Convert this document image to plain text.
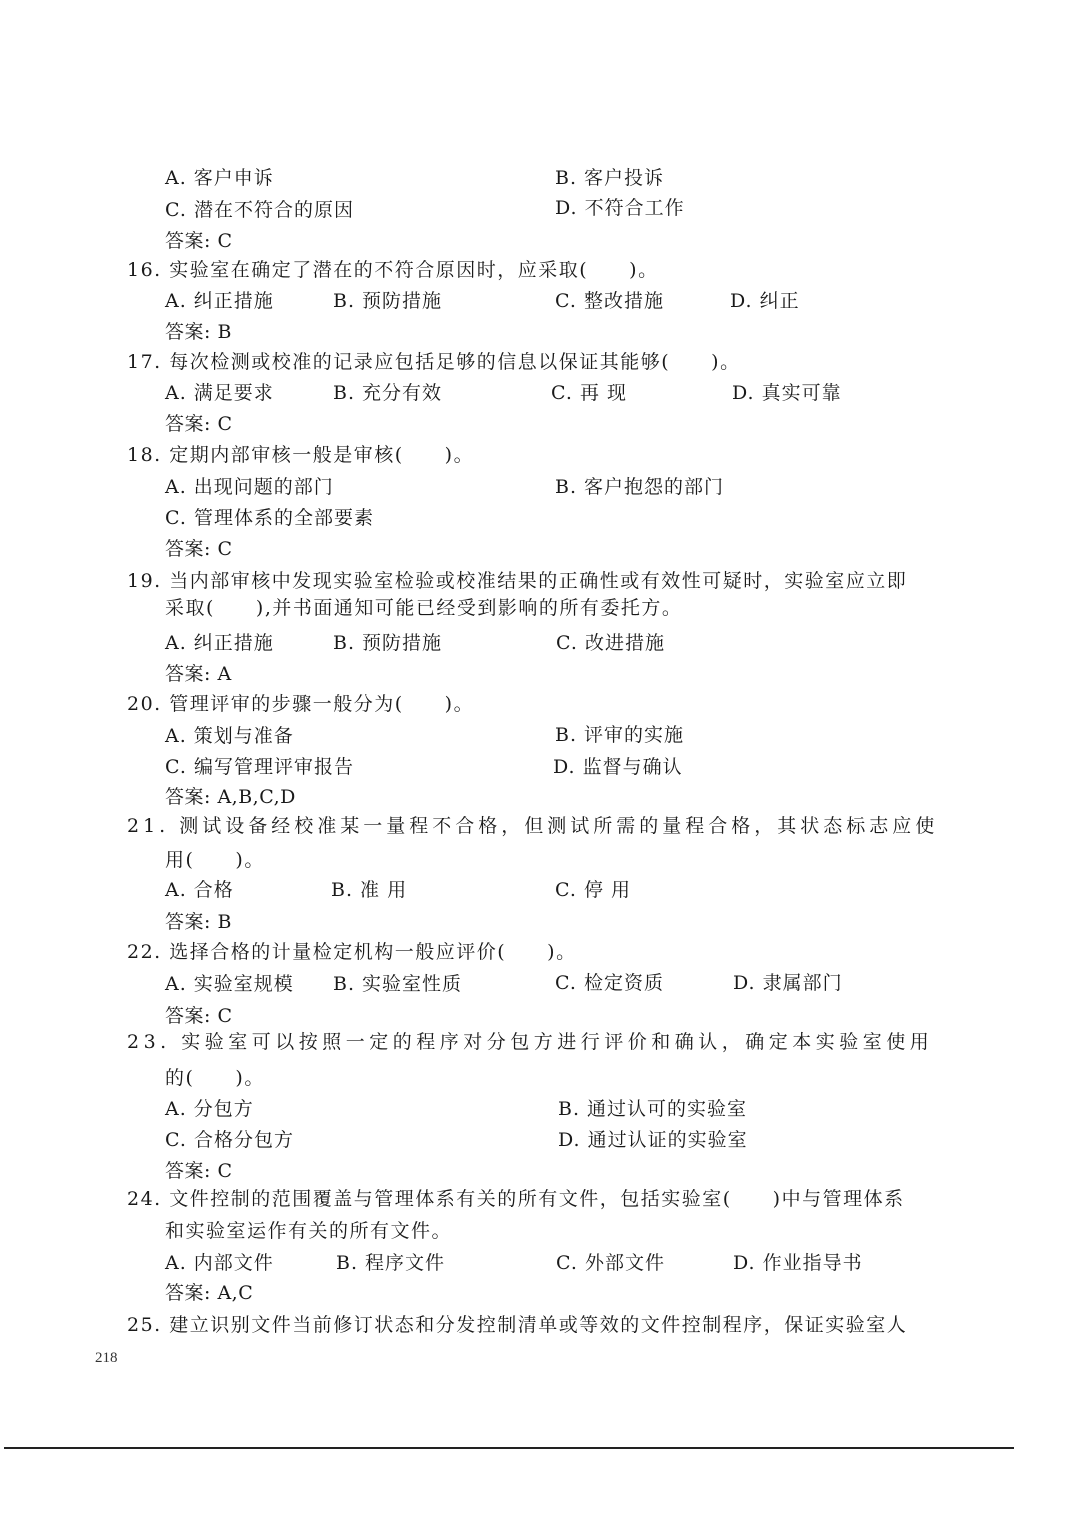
A. 客户申诉	B. 客户投诉
C. 潜在不符合的原因	D. 不符合工作
答案: C
16. 实验室在确定了潜在的不符合原因时，应采取(　　)。
A. 纠正措施	B. 预防措施	C. 整改措施	D. 纠正
答案: B
17. 每次检测或校准的记录应包括足够的信息以保证其能够(　　)。
A. 满足要求	B. 充分有效	C. 再 现	D. 真实可靠
答案: C
18. 定期内部审核一般是审核(　　)。
A. 出现问题的部门	B. 客户抱怨的部门
C. 管理体系的全部要素
答案: C
19. 当内部审核中发现实验室检验或校准结果的正确性或有效性可疑时，实验室应立即
采取(　　),并书面通知可能已经受到影响的所有委托方。
A. 纠正措施	B. 预防措施	C. 改进措施
答案: A
20. 管理评审的步骤一般分为(　　)。
A. 策划与准备	B. 评审的实施
C. 编写管理评审报告	D. 监督与确认
答案: A,B,C,D
21. 测试设备经校准某一量程不合格，但测试所需的量程合格，其状态标志应使
用(　　)。
A. 合格	B. 准 用	C. 停 用
答案: B
22. 选择合格的计量检定机构一般应评价(　　)。
A. 实验室规模 B. 实验室性质	C. 检定资质	D. 隶属部门
答案: C
23. 实验室可以按照一定的程序对分包方进行评价和确认，确定本实验室使用
的(　　)。
A. 分包方	B. 通过认可的实验室
C. 合格分包方	D. 通过认证的实验室
答案: C
24. 文件控制的范围覆盖与管理体系有关的所有文件，包括实验室(　　)中与管理体系
和实验室运作有关的所有文件。
A. 内部文件	B. 程序文件	C. 外部文件	D. 作业指导书
答案: A,C
25. 建立识别文件当前修订状态和分发控制清单或等效的文件控制程序，保证实验室人
218
